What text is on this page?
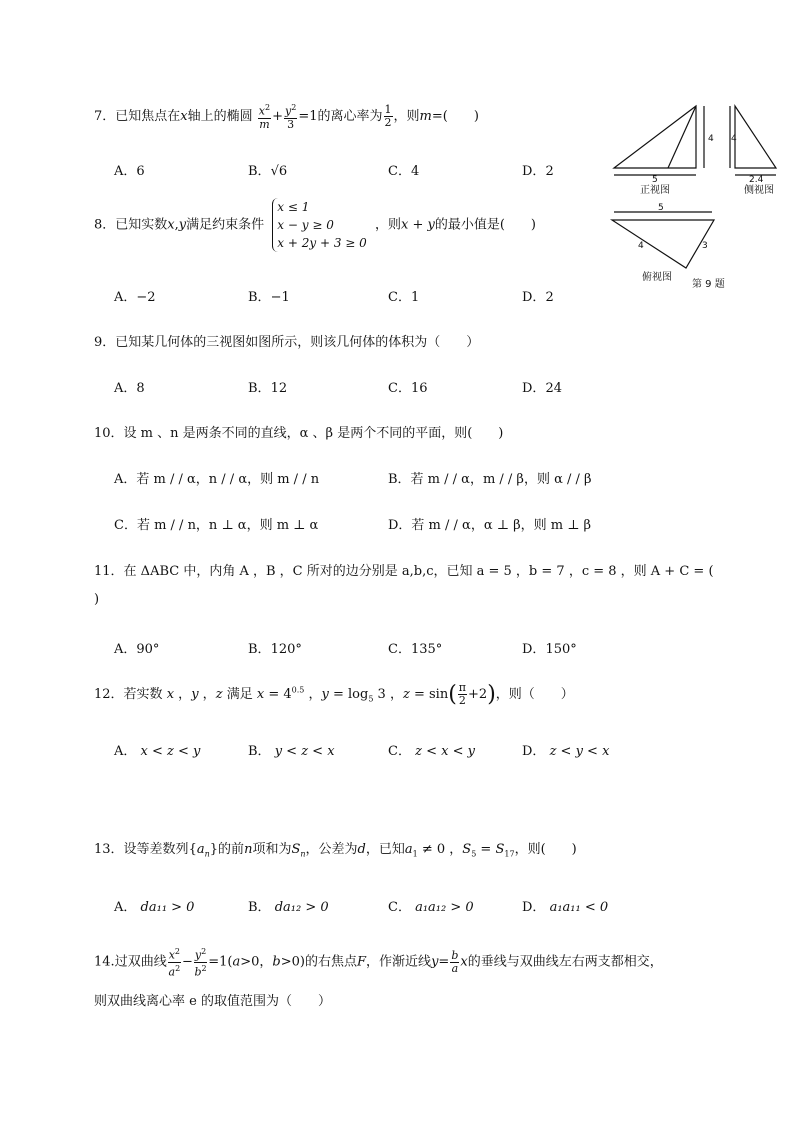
7．已知焦点在x轴上的椭圆 $\frac{x^2}{m} + \frac{y^2}{3} =1$的离心率为 $\frac{1}{2}$ ，则m=(　　)
A．6	B．√6	C．4	D．2
8．已知实数x,y满足约束条件 x ≤ 1
x − y ≥ 0
x + 2y + 3 ≥ 0 ，则x + y的最小值是(　　)
A．−2	B．−1	C．1	D．2
9．已知某几何体的三视图如图所示，则该几何体的体积为（　　）
A．8	B．12	C．16	D．24
10．设 m 、n 是两条不同的直线，α 、β 是两个不同的平面，则(　　)
A．若 m / / α，n / / α，则 m / / n	B．若 m / / α，m / / β，则 α / / β
C．若 m / / n，n ⊥ α，则 m ⊥ α	D．若 m / / α，α ⊥ β，则 m ⊥ β
11．在 ΔABC 中，内角 A ，B ，C 所对的边分别是 a,b,c，已知 a = 5 ，b = 7 ，c = 8 ，则 A + C = (
)
A．90°	B．120°	C．135°	D．150°
12．若实数 x ，y ，z 满足 $x = 4^{0.5}$ ，$y = \log_5 3$ ，$z = \sin( \frac{\pi}{2} +2)$，则（　　）
A． x < z < y	B． y < z < x	C． z < x < y	D． z < y < x
13．设等差数列$\{a_n\}$的前n项和为$S_n$，公差为d，已知$a_1 \ne 0$ ，$S_5 = S_{17}$，则(　　)
A． da₁₁ > 0	B． da₁₂ > 0	C． a₁a₁₂ > 0	D． a₁a₁₁ < 0
14.过双曲线 $\frac{x^2}{a^2} - \frac{y^2}{b^2} =1(a>0$，b>0)的右焦点F，作渐近线$y= \frac{b}{a}$ x的垂线与双曲线左右两支都相交，
则双曲线离心率 e 的取值范围为（　　）
4
5
4
2.4
5
4	3
正视图	侧视图
俯视图
第 9 题
